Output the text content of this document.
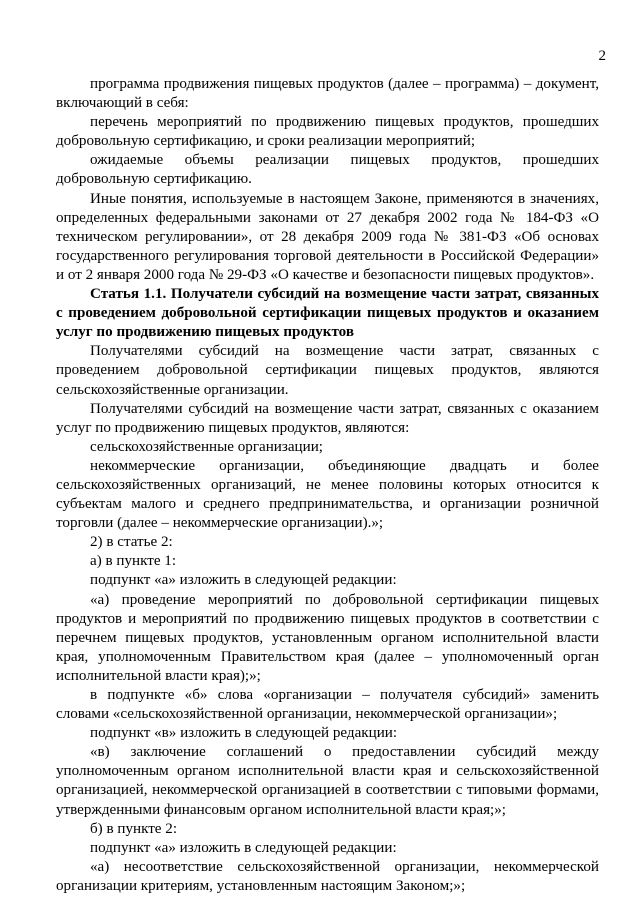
2

программа продвижения пищевых продуктов (далее – программа) – документ, включающий в себя:

перечень мероприятий по продвижению пищевых продуктов, прошедших добровольную сертификацию, и сроки реализации мероприятий;

ожидаемые объемы реализации пищевых продуктов, прошедших добровольную сертификацию.

Иные понятия, используемые в настоящем Законе, применяются в значениях, определенных федеральными законами от 27 декабря 2002 года № 184-ФЗ «О техническом регулировании», от 28 декабря 2009 года № 381-ФЗ «Об основах государственного регулирования торговой деятельности в Российской Федерации» и от 2 января 2000 года № 29-ФЗ «О качестве и безопасности пищевых продуктов».

Статья 1.1. Получатели субсидий на возмещение части затрат, связанных с проведением добровольной сертификации пищевых продуктов и оказанием услуг по продвижению пищевых продуктов

Получателями субсидий на возмещение части затрат, связанных с проведением добровольной сертификации пищевых продуктов, являются сельскохозяйственные организации.

Получателями субсидий на возмещение части затрат, связанных с оказанием услуг по продвижению пищевых продуктов, являются:

сельскохозяйственные организации;

некоммерческие организации, объединяющие двадцать и более сельскохозяйственных организаций, не менее половины которых относится к субъектам малого и среднего предпринимательства, и организации розничной торговли (далее – некоммерческие организации).»;

2) в статье 2:

а) в пункте 1:

подпункт «а» изложить в следующей редакции:

«а) проведение мероприятий по добровольной сертификации пищевых продуктов и мероприятий по продвижению пищевых продуктов в соответствии с перечнем пищевых продуктов, установленным органом исполнительной власти края, уполномоченным Правительством края (далее – уполномоченный орган исполнительной власти края);»;

в подпункте «б» слова «организации – получателя субсидий» заменить словами «сельскохозяйственной организации, некоммерческой организации»;

подпункт «в» изложить в следующей редакции:

«в) заключение соглашений о предоставлении субсидий между уполномоченным органом исполнительной власти края и сельскохозяйственной организацией, некоммерческой организацией в соответствии с типовыми формами, утвержденными финансовым органом исполнительной власти края;»;

б) в пункте 2:

подпункт «а» изложить в следующей редакции:

«а) несоответствие сельскохозяйственной организации, некоммерческой организации критериям, установленным настоящим Законом;»;
